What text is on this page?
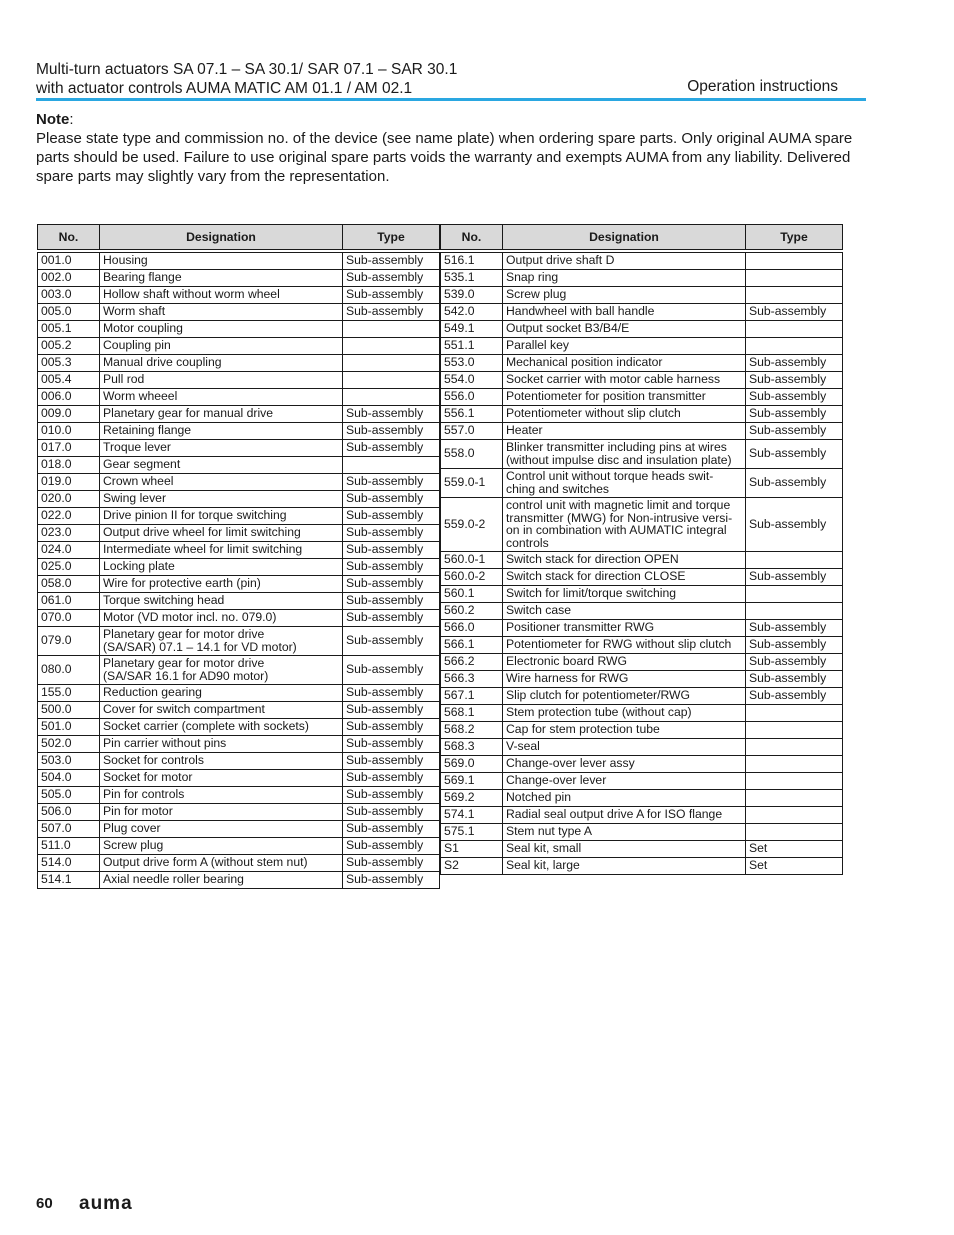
Multi-turn actuators SA 07.1 – SA 30.1/ SAR 07.1 – SAR 30.1
with actuator controls AUMA MATIC AM 01.1 / AM 02.1	Operation instructions
Note:
Please state type and commission no. of the device (see name plate) when ordering spare parts. Only original AUMA spare parts should be used. Failure to use original spare parts voids the warranty and exempts AUMA from any liability. Delivered spare parts may slightly vary from the representation.
No.	Designation	Type

001.0	Housing	Sub-assembly
002.0	Bearing flange	Sub-assembly
003.0	Hollow shaft without worm wheel	Sub-assembly
005.0	Worm shaft	Sub-assembly
005.1	Motor coupling	
005.2	Coupling pin	
005.3	Manual drive coupling	
005.4	Pull rod	
006.0	Worm wheeel	
009.0	Planetary gear for manual drive	Sub-assembly
010.0	Retaining flange	Sub-assembly
017.0	Troque lever	Sub-assembly
018.0	Gear segment	
019.0	Crown wheel	Sub-assembly
020.0	Swing lever	Sub-assembly
022.0	Drive pinion II for torque switching	Sub-assembly
023.0	Output drive wheel for limit switching	Sub-assembly
024.0	Intermediate wheel for limit switching	Sub-assembly
025.0	Locking plate	Sub-assembly
058.0	Wire for protective earth (pin)	Sub-assembly
061.0	Torque switching head	Sub-assembly
070.0	Motor (VD motor incl. no. 079.0)	Sub-assembly
079.0	Planetary gear for motor drive
(SA/SAR) 07.1 – 14.1 for VD motor)	Sub-assembly
080.0	Planetary gear for motor drive
(SA/SAR 16.1 for AD90 motor)	Sub-assembly
155.0	Reduction gearing	Sub-assembly
500.0	Cover for switch compartment	Sub-assembly
501.0	Socket carrier (complete with sockets)	Sub-assembly
502.0	Pin carrier without pins	Sub-assembly
503.0	Socket for controls	Sub-assembly
504.0	Socket for motor	Sub-assembly
505.0	Pin for controls	Sub-assembly
506.0	Pin for motor	Sub-assembly
507.0	Plug cover	Sub-assembly
511.0	Screw plug	Sub-assembly
514.0	Output drive form A (without stem nut)	Sub-assembly
514.1	Axial needle roller bearing	Sub-assembly
No.	Designation	Type

516.1	Output drive shaft D	
535.1	Snap ring	
539.0	Screw plug	
542.0	Handwheel with ball handle	Sub-assembly
549.1	Output socket B3/B4/E	
551.1	Parallel key	
553.0	Mechanical position indicator	Sub-assembly
554.0	Socket carrier with motor cable harness	Sub-assembly
556.0	Potentiometer for position transmitter	Sub-assembly
556.1	Potentiometer without slip clutch	Sub-assembly
557.0	Heater	Sub-assembly
558.0	Blinker transmitter including pins at wires
(without impulse disc and insulation plate)	Sub-assembly
559.0-1	Control unit without torque heads swit-
ching and switches	Sub-assembly
559.0-2	control unit with magnetic limit and torque
transmitter (MWG) for Non-intrusive versi-
on in combination with AUMATIC integral
controls	Sub-assembly
560.0-1	Switch stack for direction OPEN	
560.0-2	Switch stack for direction CLOSE	Sub-assembly
560.1	Switch for limit/torque switching	
560.2	Switch case	
566.0	Positioner transmitter RWG	Sub-assembly
566.1	Potentiometer for RWG without slip clutch	Sub-assembly
566.2	Electronic board RWG	Sub-assembly
566.3	Wire harness for RWG	Sub-assembly
567.1	Slip clutch for potentiometer/RWG	Sub-assembly
568.1	Stem protection tube (without cap)	
568.2	Cap for stem protection tube	
568.3	V-seal	
569.0	Change-over lever assy	
569.1	Change-over lever	
569.2	Notched pin	
574.1	Radial seal output drive A for ISO flange	
575.1	Stem nut type A	
S1	Seal kit, small	Set
S2	Seal kit, large	Set
60 auma
